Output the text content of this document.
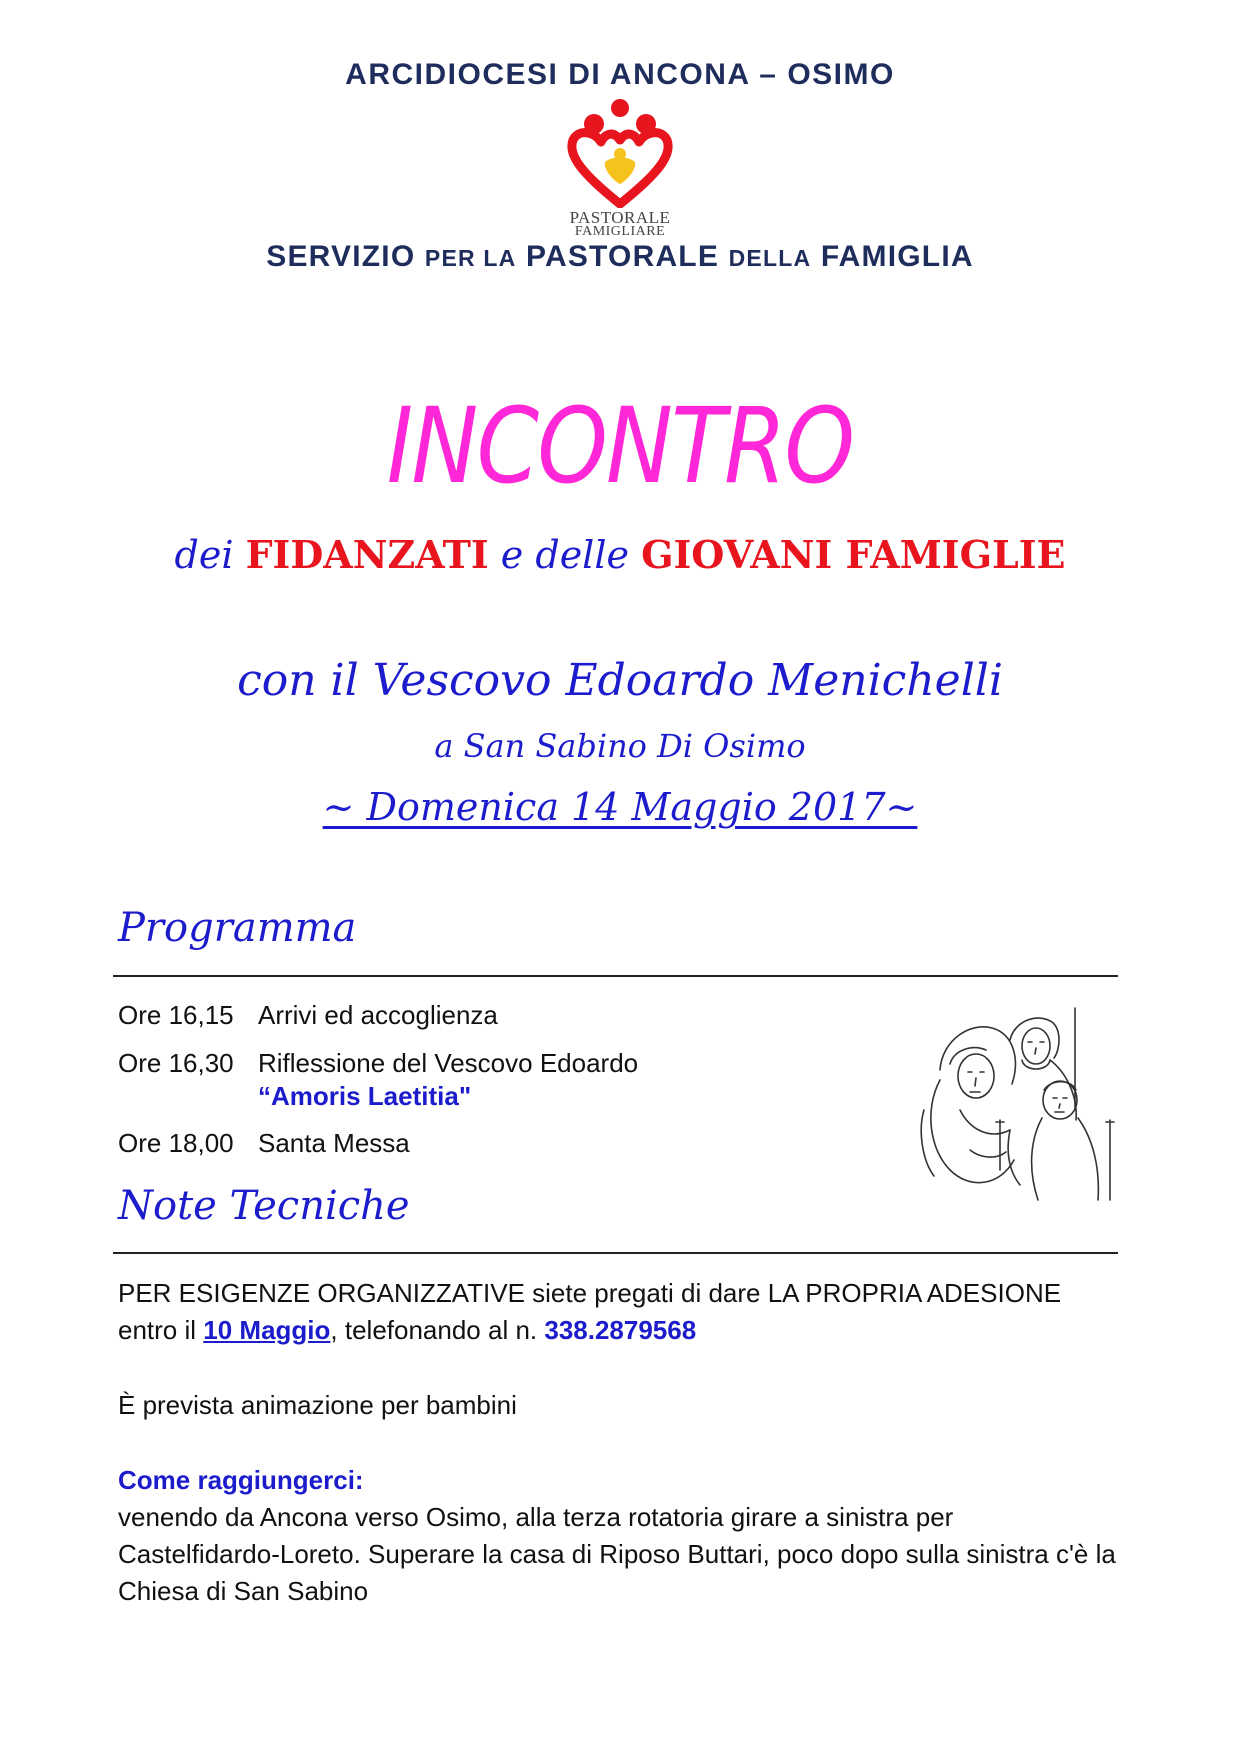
ARCIDIOCESI DI ANCONA – OSIMO
PASTORALE
FAMIGLIARE
SERVIZIO PER LA PASTORALE DELLA FAMIGLIA
INCONTRO
dei FIDANZATI e delle GIOVANI FAMIGLIE
con il Vescovo Edoardo Menichelli
a San Sabino Di Osimo
~ Domenica 14 Maggio 2017~
Programma
Ore 16,15 Arrivi ed accoglienza
Ore 16,30 Riflessione del Vescovo Edoardo
“Amoris Laetitia"
Ore 18,00 Santa Messa
Note Tecniche
PER ESIGENZE ORGANIZZATIVE siete pregati di dare LA PROPRIA ADESIONE entro il 10 Maggio, telefonando al n. 338.2879568
È prevista animazione per bambini
Come raggiungerci:
venendo da Ancona verso Osimo, alla terza rotatoria girare a sinistra per Castelfidardo-Loreto. Superare la casa di Riposo Buttari, poco dopo sulla sinistra c'è la Chiesa di San Sabino
